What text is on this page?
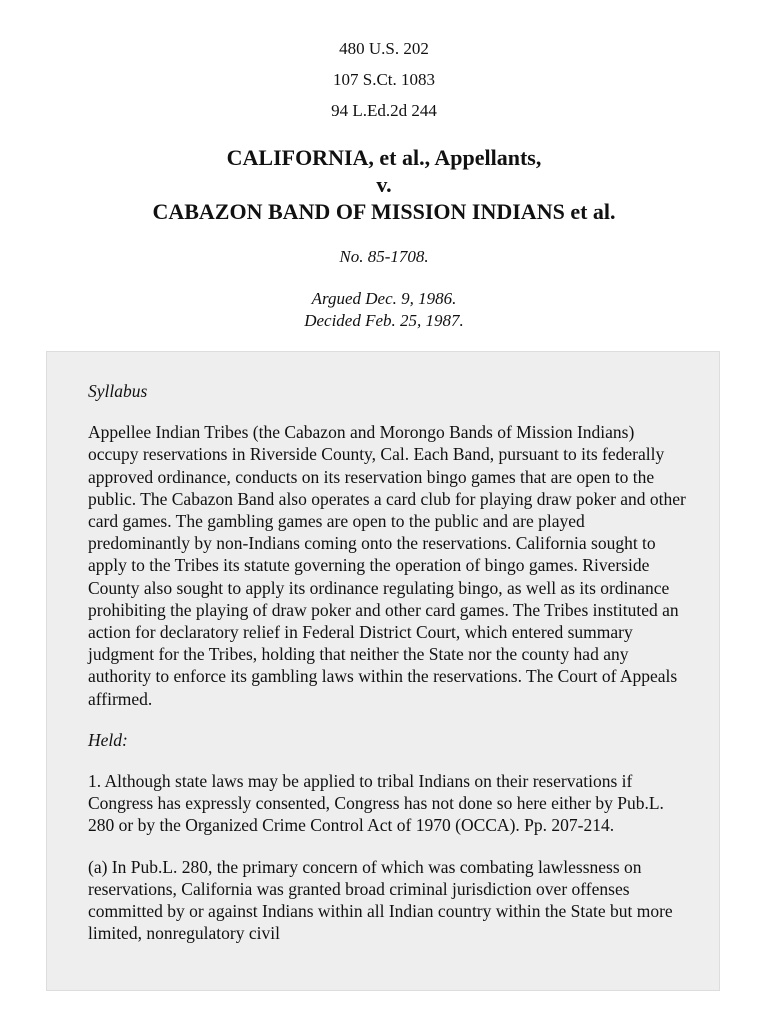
480 U.S. 202
107 S.Ct. 1083
94 L.Ed.2d 244
CALIFORNIA, et al., Appellants,
v.
CABAZON BAND OF MISSION INDIANS et al.
No. 85-1708.
Argued Dec. 9, 1986.
Decided Feb. 25, 1987.

Syllabus

Appellee Indian Tribes (the Cabazon and Morongo Bands of Mission Indians) occupy reservations in Riverside County, Cal. Each Band, pursuant to its federally approved ordinance, conducts on its reservation bingo games that are open to the public. The Cabazon Band also operates a card club for playing draw poker and other card games. The gambling games are open to the public and are played predominantly by non-Indians coming onto the reservations. California sought to apply to the Tribes its statute governing the operation of bingo games. Riverside County also sought to apply its ordinance regulating bingo, as well as its ordinance prohibiting the playing of draw poker and other card games. The Tribes instituted an action for declaratory relief in Federal District Court, which entered summary judgment for the Tribes, holding that neither the State nor the county had any authority to enforce its gambling laws within the reservations. The Court of Appeals affirmed.

Held:

1. Although state laws may be applied to tribal Indians on their reservations if Congress has expressly consented, Congress has not done so here either by Pub.L. 280 or by the Organized Crime Control Act of 1970 (OCCA). Pp. 207-214.

(a) In Pub.L. 280, the primary concern of which was combating lawlessness on reservations, California was granted broad criminal jurisdiction over offenses committed by or against Indians within all Indian country within the State but more limited, nonregulatory civil
